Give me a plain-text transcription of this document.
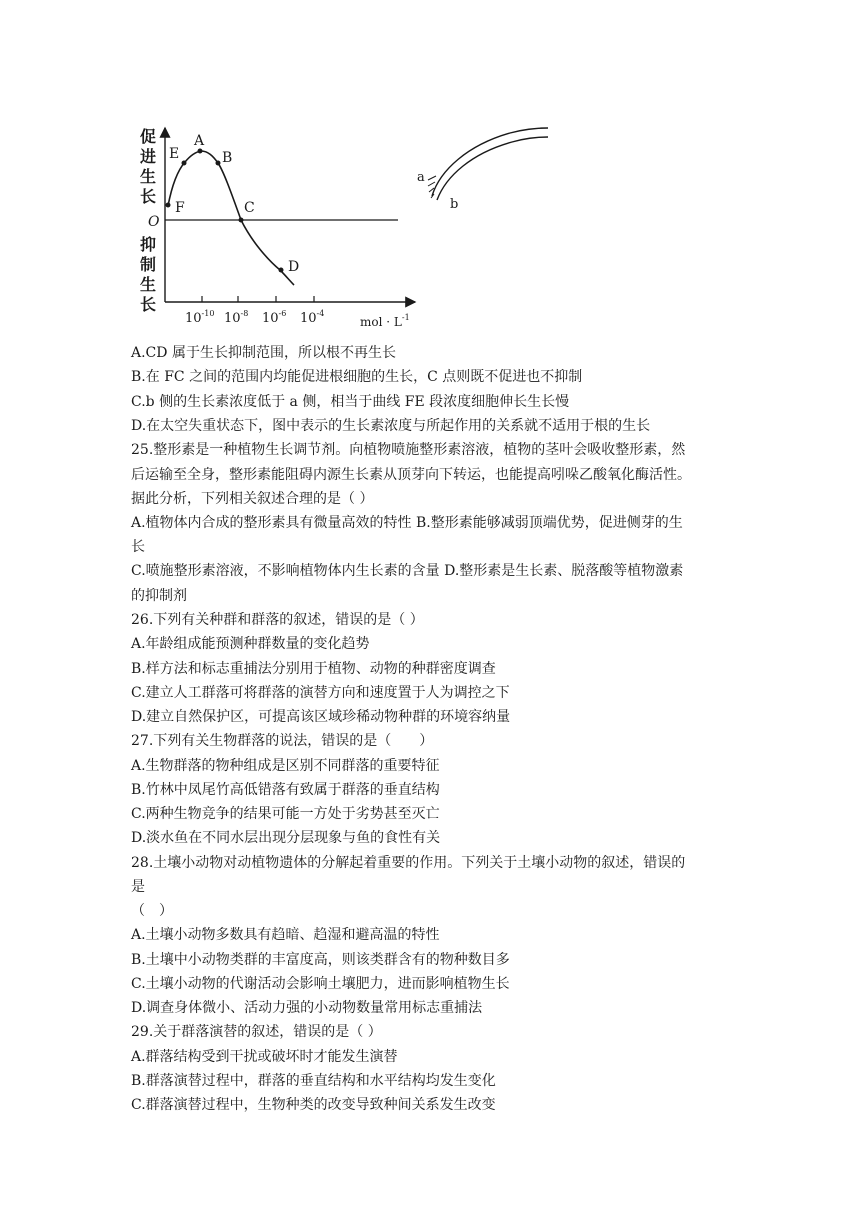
A
E	B
F	C
D
O
促
进
生
长
抑
制
生
长
$10^{-10}$ $10^{-8}$ $10^{-6}$ $10^{-4}$
mol · $L^{-1}$
a
b
A.CD 属于生长抑制范围，所以根不再生长
B.在 FC 之间的范围内均能促进根细胞的生长，C 点则既不促进也不抑制
C.b 侧的生长素浓度低于 a 侧，相当于曲线 FE 段浓度细胞伸长生长慢
D.在太空失重状态下，图中表示的生长素浓度与所起作用的关系就不适用于根的生长
25.整形素是一种植物生长调节剂。向植物喷施整形素溶液，植物的茎叶会吸收整形素，然
后运输至全身，整形素能阻碍内源生长素从顶芽向下转运，也能提高吲哚乙酸氧化酶活性。
据此分析，下列相关叙述合理的是（ ）
A.植物体内合成的整形素具有微量高效的特性 B.整形素能够减弱顶端优势，促进侧芽的生
长
C.喷施整形素溶液，不影响植物体内生长素的含量 D.整形素是生长素、脱落酸等植物激素
的抑制剂
26.下列有关种群和群落的叙述，错误的是（ ）
A.年龄组成能预测种群数量的变化趋势
B.样方法和标志重捕法分别用于植物、动物的种群密度调查
C.建立人工群落可将群落的演替方向和速度置于人为调控之下
D.建立自然保护区，可提高该区域珍稀动物种群的环境容纳量
27.下列有关生物群落的说法，错误的是（　　）
A.生物群落的物种组成是区别不同群落的重要特征
B.竹林中凤尾竹高低错落有致属于群落的垂直结构
C.两种生物竞争的结果可能一方处于劣势甚至灭亡
D.淡水鱼在不同水层出现分层现象与鱼的食性有关
28.土壤小动物对动植物遗体的分解起着重要的作用。下列关于土壤小动物的叙述，错误的
是
（　）
A.土壤小动物多数具有趋暗、趋湿和避高温的特性
B.土壤中小动物类群的丰富度高，则该类群含有的物种数目多
C.土壤小动物的代谢活动会影响土壤肥力，进而影响植物生长
D.调查身体微小、活动力强的小动物数量常用标志重捕法
29.关于群落演替的叙述，错误的是（ ）
A.群落结构受到干扰或破坏时才能发生演替
B.群落演替过程中，群落的垂直结构和水平结构均发生变化
C.群落演替过程中，生物种类的改变导致种间关系发生改变
